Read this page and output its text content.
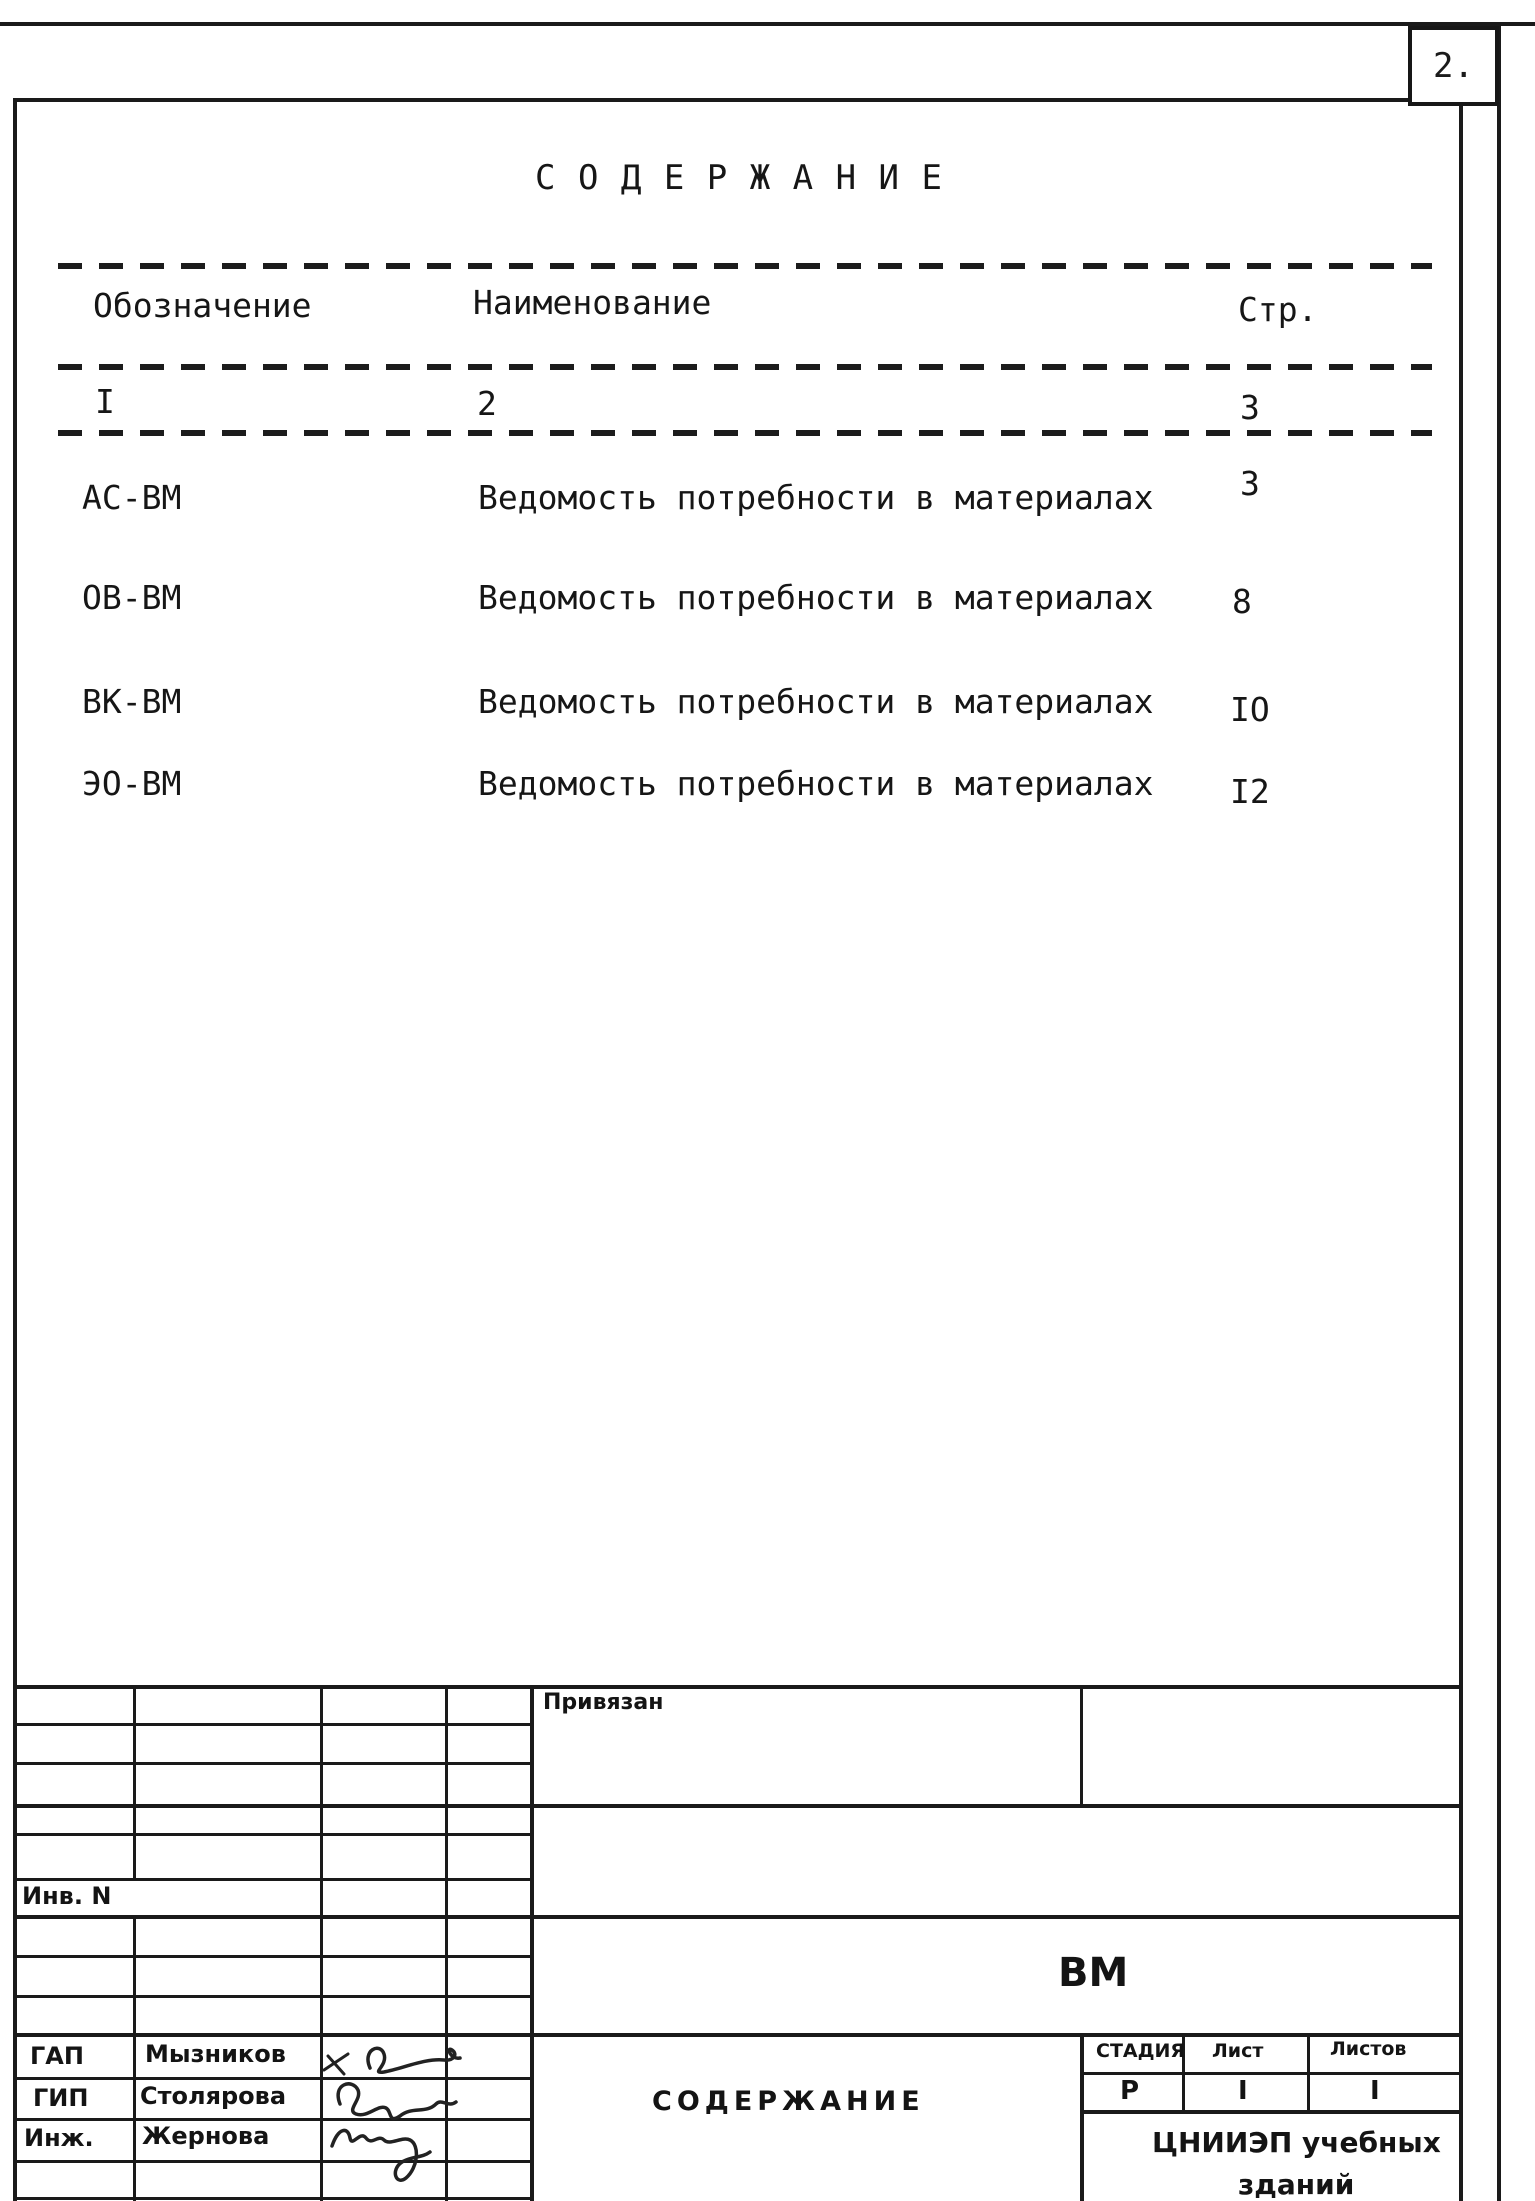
2.
С О Д Е Р Ж А Н И Е
Обозначение	Наименование	Стр.
I	2	3
АС-ВМ	Ведомость потребности в материалах	3
ОВ-ВМ	Ведомость потребности в материалах 8
ВК-ВМ	Ведомость потребности в материалах IО
ЭО-ВМ	Ведомость потребности в материалах I2
Привязан
Инв. N
ВМ
ГАП	Мызников
ГИП Столярова
Инж. Жернова
СОДЕРЖАНИЕ
СТАДИЯ Лист	Листов
Р	I	I
ЦНИИЭП учебных
зданий
